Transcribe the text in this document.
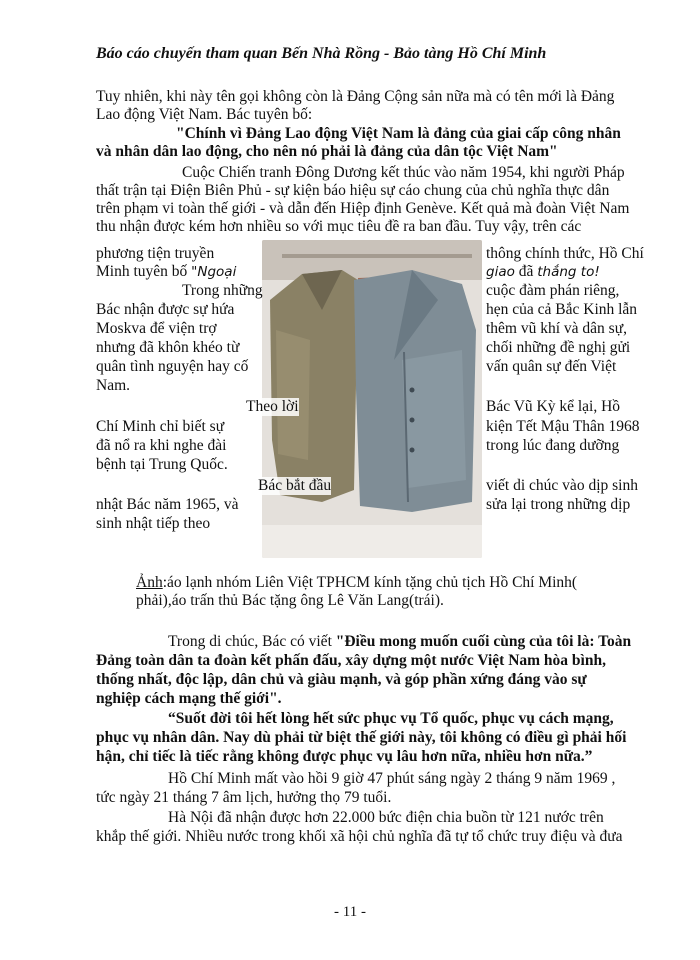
Báo cáo chuyến tham quan Bến Nhà Rồng - Bảo tàng Hồ Chí Minh
Tuy nhiên, khi này tên gọi không còn là Đảng Cộng sản nữa mà có tên mới là Đảng
Lao động Việt Nam. Bác tuyên bố:
"Chính vì Đảng Lao động Việt Nam là đảng của giai cấp công nhân
và nhân dân lao động, cho nên nó phải là đảng của dân tộc Việt Nam"
Cuộc Chiến tranh Đông Dương kết thúc vào năm 1954, khi người Pháp
thất trận tại Điện Biên Phủ - sự kiện báo hiệu sự cáo chung của chủ nghĩa thực dân
trên phạm vi toàn thế giới - và dẫn đến Hiệp định Genève. Kết quả mà đoàn Việt Nam
thu nhận được kém hơn nhiều so với mục tiêu đề ra ban đầu. Tuy vậy, trên các
phương tiện truyền	thông chính thức, Hồ Chí
Minh tuyên bố "Ngoại	giao đã thắng to!
Trong những	cuộc đàm phán riêng,
Bác nhận được sự hứa	hẹn của cả Bắc Kinh lẫn
Moskva để viện trợ	thêm vũ khí và dân sự,
nhưng đã khôn khéo từ	chối những đề nghị gửi
quân tình nguyện hay cố	vấn quân sự đến Việt
Nam.
Theo lời	Bác Vũ Kỳ kể lại, Hồ
Chí Minh chỉ biết sự	kiện Tết Mậu Thân 1968
đã nổ ra khi nghe đài	trong lúc đang dưỡng
bệnh tại Trung Quốc.
Bác bắt đầu	viết di chúc vào dịp sinh
nhật Bác năm 1965, và	sửa lại trong những dịp
sinh nhật tiếp theo
Ảnh:áo lạnh nhóm Liên Việt TPHCM kính tặng chủ tịch Hồ Chí Minh(
phải),áo trấn thủ Bác tặng ông Lê Văn Lang(trái).
Trong di chúc, Bác có viết "Điều mong muốn cuối cùng của tôi là: Toàn
Đảng toàn dân ta đoàn kết phấn đấu, xây dựng một nước Việt Nam hòa bình,
thống nhất, độc lập, dân chủ và giàu mạnh, và góp phần xứng đáng vào sự
nghiệp cách mạng thế giới".
“Suốt đời tôi hết lòng hết sức phục vụ Tổ quốc, phục vụ cách mạng,
phục vụ nhân dân. Nay dù phải từ biệt thế giới này, tôi không có điều gì phải hối
hận, chỉ tiếc là tiếc rằng không được phục vụ lâu hơn nữa, nhiều hơn nữa.”
Hồ Chí Minh mất vào hồi 9 giờ 47 phút sáng ngày 2 tháng 9 năm 1969 ,
tức ngày 21 tháng 7 âm lịch, hưởng thọ 79 tuổi.
Hà Nội đã nhận được hơn 22.000 bức điện chia buồn từ 121 nước trên
khắp thế giới. Nhiều nước trong khối xã hội chủ nghĩa đã tự tổ chức truy điệu và đưa
- 11 -
